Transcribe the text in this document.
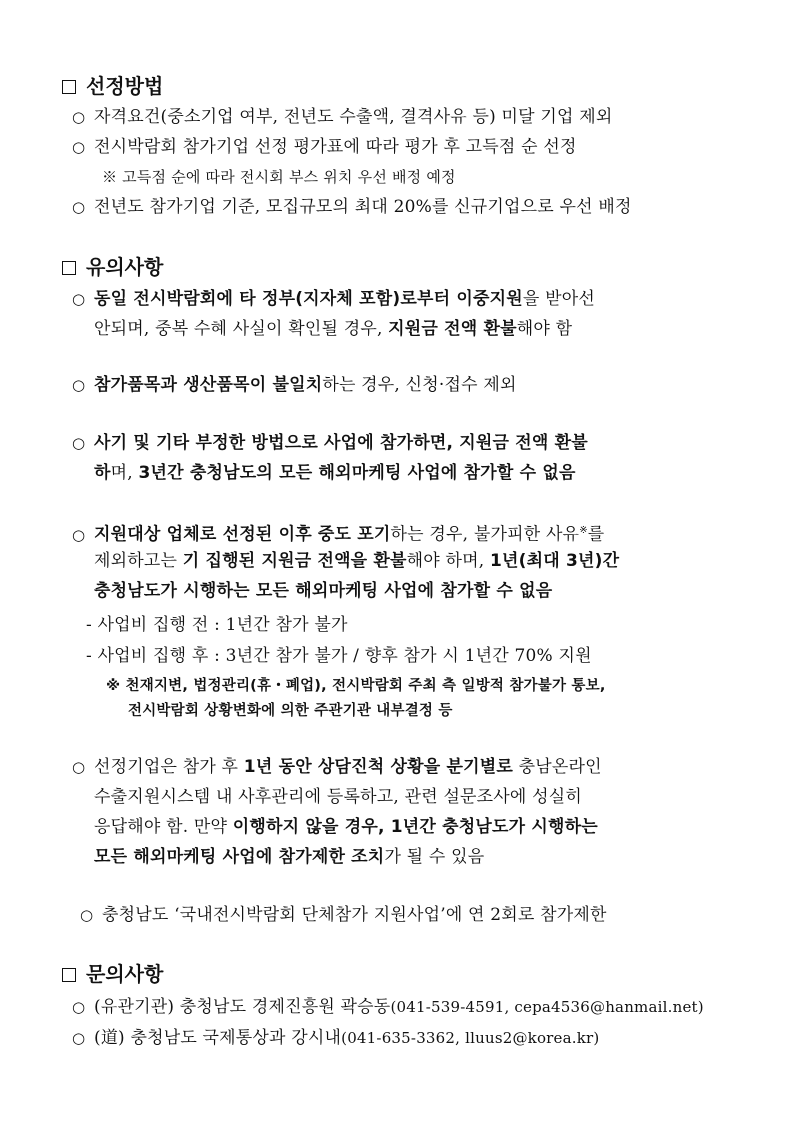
선정방법
○ 자격요건(중소기업 여부, 전년도 수출액, 결격사유 등) 미달 기업 제외
○ 전시박람회 참가기업 선정 평가표에 따라 평가 후 고득점 순 선정
※ 고득점 순에 따라 전시회 부스 위치 우선 배정 예정
○ 전년도 참가기업 기준, 모집규모의 최대 20%를 신규기업으로 우선 배정
유의사항
○ 동일 전시박람회에 타 정부(지자체 포함)로부터 이중지원을 받아선
안되며, 중복 수혜 사실이 확인될 경우, 지원금 전액 환불해야 함
○ 참가품목과 생산품목이 불일치하는 경우, 신청·접수 제외
○ 사기 및 기타 부정한 방법으로 사업에 참가하면, 지원금 전액 환불
하며, 3년간 충청남도의 모든 해외마케팅 사업에 참가할 수 없음
○ 지원대상 업체로 선정된 이후 중도 포기하는 경우, 불가피한 사유※를
제외하고는 기 집행된 지원금 전액을 환불해야 하며, 1년(최대 3년)간
충청남도가 시행하는 모든 해외마케팅 사업에 참가할 수 없음
- 사업비 집행 전 : 1년간 참가 불가
- 사업비 집행 후 : 3년간 참가 불가 / 향후 참가 시 1년간 70% 지원
※ 천재지변, 법정관리(휴・폐업), 전시박람회 주최 측 일방적 참가불가 통보,
전시박람회 상황변화에 의한 주관기관 내부결정 등
○ 선정기업은 참가 후 1년 동안 상담진척 상황을 분기별로 충남온라인
수출지원시스템 내 사후관리에 등록하고, 관련 설문조사에 성실히
응답해야 함. 만약 이행하지 않을 경우, 1년간 충청남도가 시행하는
모든 해외마케팅 사업에 참가제한 조치가 될 수 있음
○ 충청남도 ‘국내전시박람회 단체참가 지원사업’에 연 2회로 참가제한
문의사항
○ (유관기관) 충청남도 경제진흥원 곽승동(041-539-4591, cepa4536@hanmail.net)
○ (道) 충청남도 국제통상과 강시내(041-635-3362, lluus2@korea.kr)
